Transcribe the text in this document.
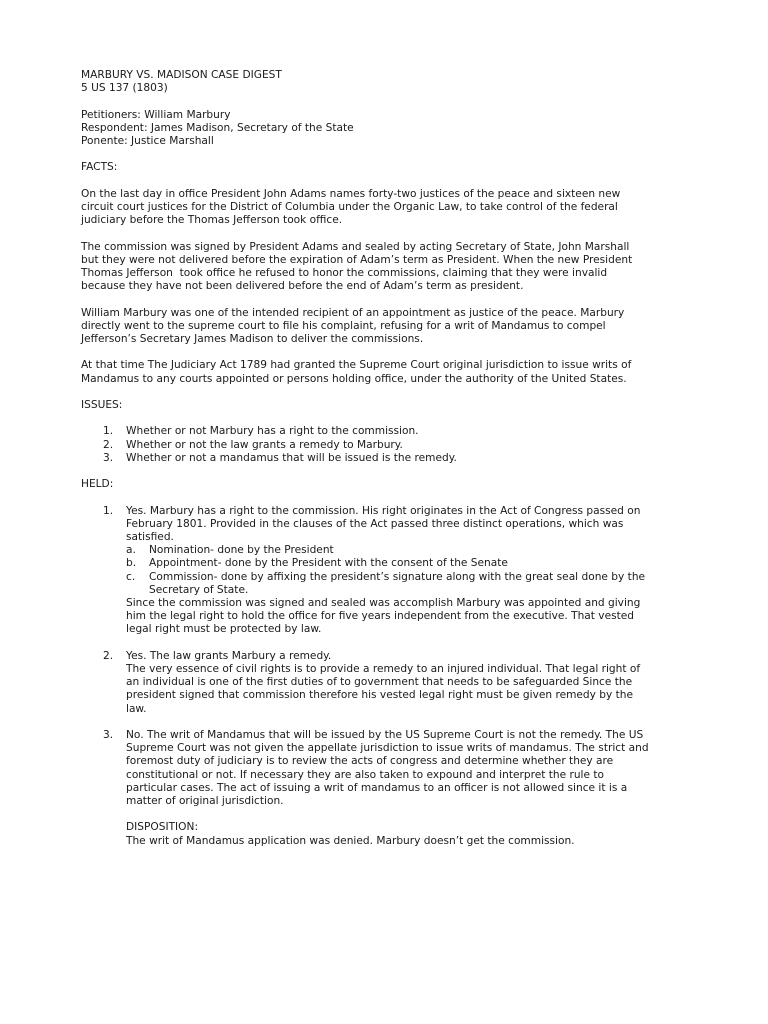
MARBURY VS. MADISON CASE DIGEST
5 US 137 (1803)
Petitioners: William Marbury
Respondent: James Madison, Secretary of the State
Ponente: Justice Marshall
FACTS:
On the last day in office President John Adams names forty-two justices of the peace and sixteen new
circuit court justices for the District of Columbia under the Organic Law, to take control of the federal
judiciary before the Thomas Jefferson took office.
The commission was signed by President Adams and sealed by acting Secretary of State, John Marshall
but they were not delivered before the expiration of Adam’s term as President. When the new President
Thomas Jefferson  took office he refused to honor the commissions, claiming that they were invalid
because they have not been delivered before the end of Adam’s term as president.
William Marbury was one of the intended recipient of an appointment as justice of the peace. Marbury
directly went to the supreme court to file his complaint, refusing for a writ of Mandamus to compel
Jefferson’s Secretary James Madison to deliver the commissions.
At that time The Judiciary Act 1789 had granted the Supreme Court original jurisdiction to issue writs of
Mandamus to any courts appointed or persons holding office, under the authority of the United States.
ISSUES:
1.	Whether or not Marbury has a right to the commission.
2.	Whether or not the law grants a remedy to Marbury.
3.	Whether or not a mandamus that will be issued is the remedy.
HELD:
1.	Yes. Marbury has a right to the commission. His right originates in the Act of Congress passed on
February 1801. Provided in the clauses of the Act passed three distinct operations, which was
satisfied.
a. Nomination- done by the President
b. Appointment- done by the President with the consent of the Senate
c. Commission- done by affixing the president’s signature along with the great seal done by the
Secretary of State.
Since the commission was signed and sealed was accomplish Marbury was appointed and giving
him the legal right to hold the office for five years independent from the executive. That vested
legal right must be protected by law.
2.	Yes. The law grants Marbury a remedy.
The very essence of civil rights is to provide a remedy to an injured individual. That legal right of
an individual is one of the first duties of to government that needs to be safeguarded Since the
president signed that commission therefore his vested legal right must be given remedy by the
law.
3.	No. The writ of Mandamus that will be issued by the US Supreme Court is not the remedy. The US
Supreme Court was not given the appellate jurisdiction to issue writs of mandamus. The strict and
foremost duty of judiciary is to review the acts of congress and determine whether they are
constitutional or not. If necessary they are also taken to expound and interpret the rule to
particular cases. The act of issuing a writ of mandamus to an officer is not allowed since it is a
matter of original jurisdiction.
DISPOSITION:
The writ of Mandamus application was denied. Marbury doesn’t get the commission.
